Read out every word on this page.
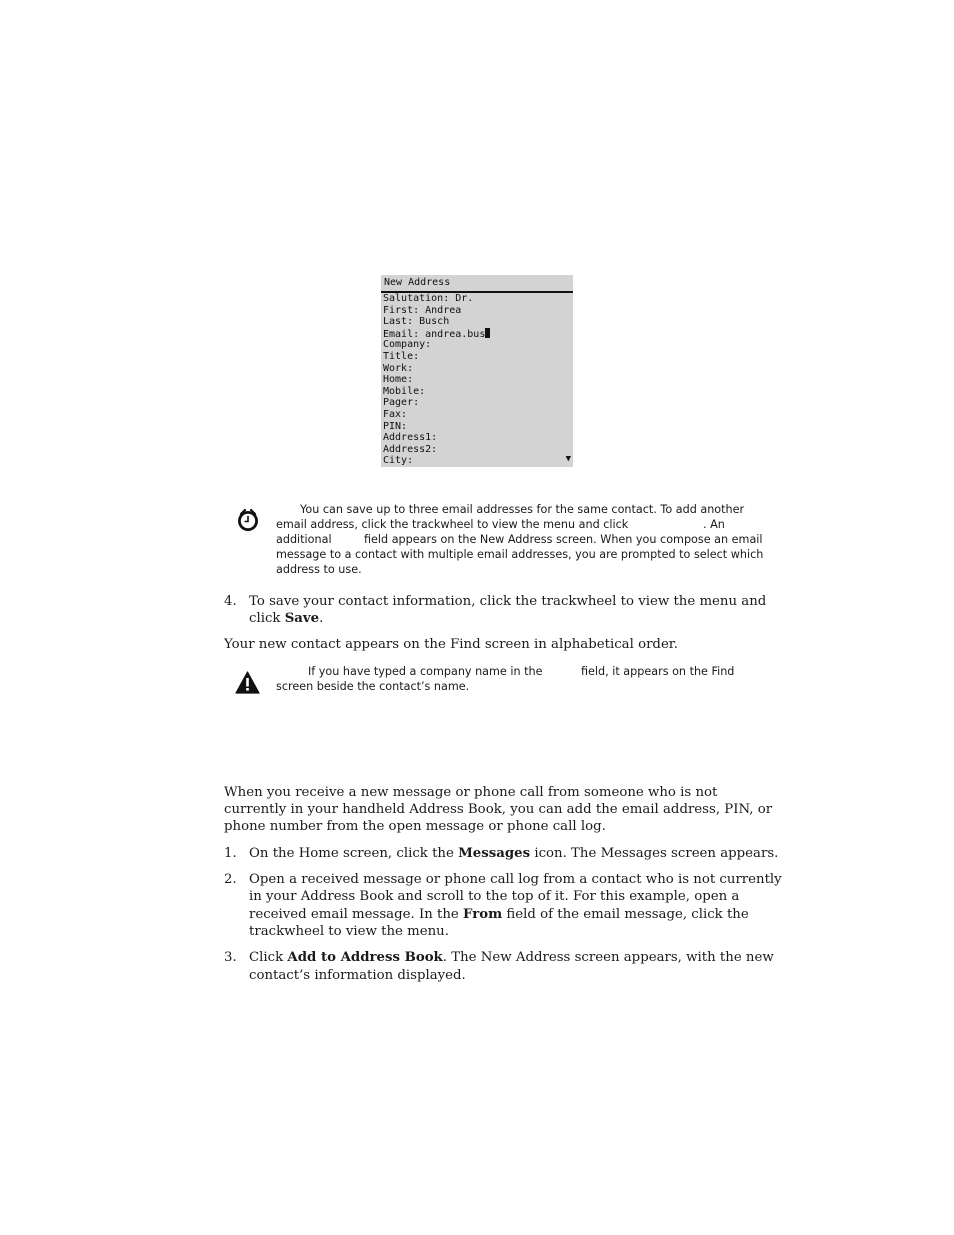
New Address
Salutation: Dr.
First: Andrea
Last: Busch
Email: andrea.bus
Company:
Title:
Work:
Home:
Mobile:
Pager:
Fax:
PIN:
Address1:
Address2:
City:	▼
You can save up to three email addresses for the same contact. To add another
email address, click the trackwheel to view the menu and click	. An
additional	field appears on the New Address screen. When you compose an email
message to a contact with multiple email addresses, you are prompted to select which
address to use.
4. To save your contact information, click the trackwheel to view the menu and
click Save.
Your new contact appears on the Find screen in alphabetical order.
If you have typed a company name in the	field, it appears on the Find
screen beside the contact’s name.
When you receive a new message or phone call from someone who is not
currently in your handheld Address Book, you can add the email address, PIN, or
phone number from the open message or phone call log.
1. On the Home screen, click the Messages icon. The Messages screen appears.
2. Open a received message or phone call log from a contact who is not currently
in your Address Book and scroll to the top of it. For this example, open a
received email message. In the From field of the email message, click the
trackwheel to view the menu.
3. Click Add to Address Book. The New Address screen appears, with the new
contact’s information displayed.
